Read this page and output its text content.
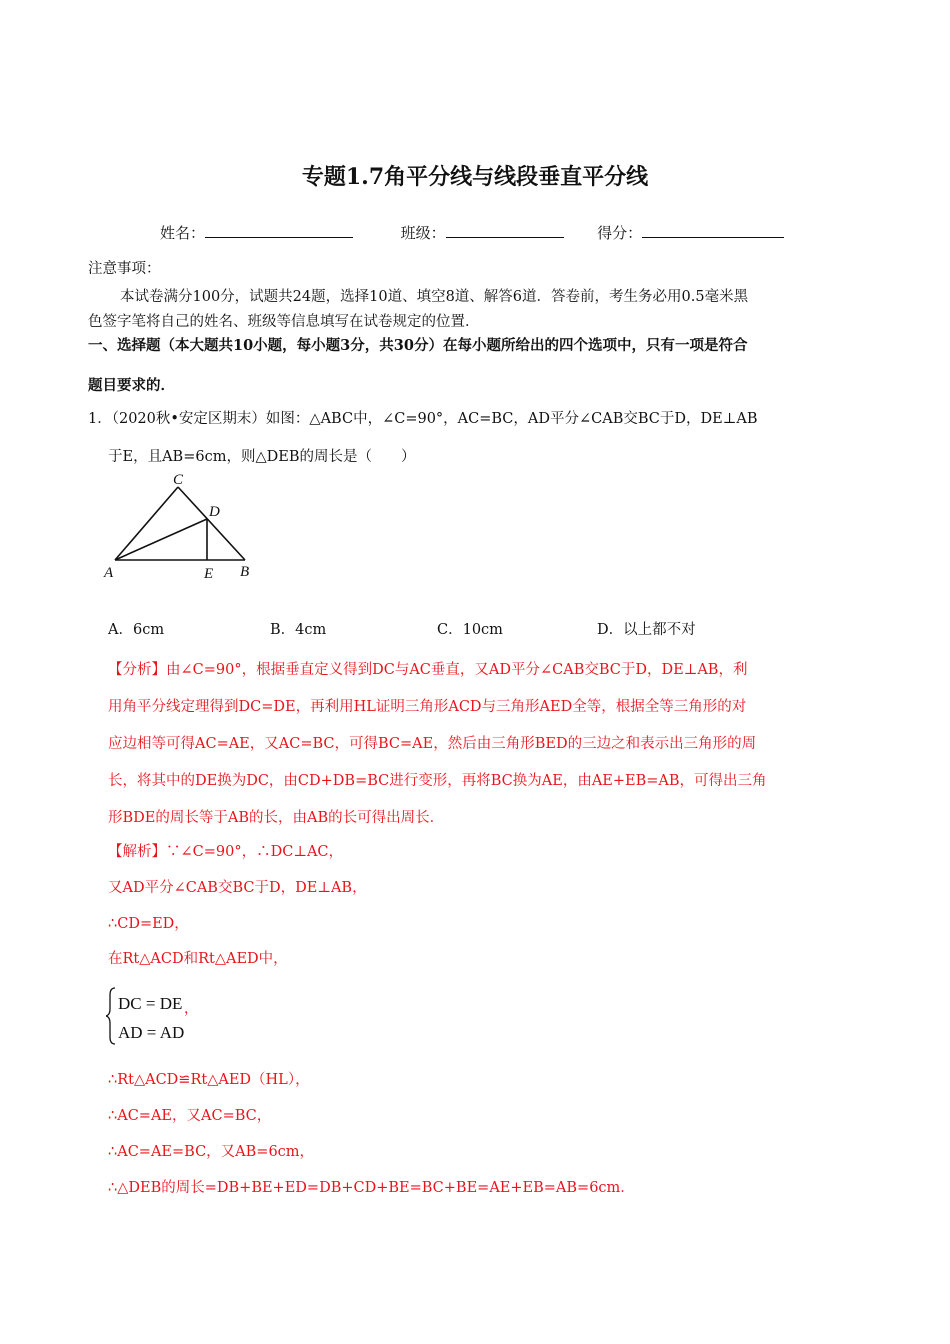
专题1.7角平分线与线段垂直平分线
姓名：	班级：	得分：
注意事项：
本试卷满分100分，试题共24题，选择10道、填空8道、解答6道．答卷前，考生务必用0.5毫米黑
色签字笔将自己的姓名、班级等信息填写在试卷规定的位置．
一、选择题（本大题共10小题，每小题3分，共30分）在每小题所给出的四个选项中，只有一项是符合
题目要求的．
1．（2020秋•安定区期末）如图：△ABC中，∠C=90°，AC=BC，AD平分∠CAB交BC于D，DE⊥AB
于E，且AB=6cm，则△DEB的周长是（　　）
C
D
A	E B
A．6cm	B．4cm	C．10cm	D．以上都不对
【分析】由∠C=90°，根据垂直定义得到DC与AC垂直，又AD平分∠CAB交BC于D，DE⊥AB，利
用角平分线定理得到DC=DE，再利用HL证明三角形ACD与三角形AED全等，根据全等三角形的对
应边相等可得AC=AE，又AC=BC，可得BC=AE，然后由三角形BED的三边之和表示出三角形的周
长，将其中的DE换为DC，由CD+DB=BC进行变形，再将BC换为AE，由AE+EB=AB，可得出三角
形BDE的周长等于AB的长，由AB的长可得出周长．
【解析】∵∠C=90°，∴DC⊥AC，
又AD平分∠CAB交BC于D，DE⊥AB，
∴CD=ED，
在Rt△ACD和Rt△AED中，
DC = DE
AD = AD
，
∴Rt△ACD≌Rt△AED（HL），
∴AC=AE，又AC=BC，
∴AC=AE=BC，又AB=6cm，
∴△DEB的周长=DB+BE+ED=DB+CD+BE=BC+BE=AE+EB=AB=6cm．
